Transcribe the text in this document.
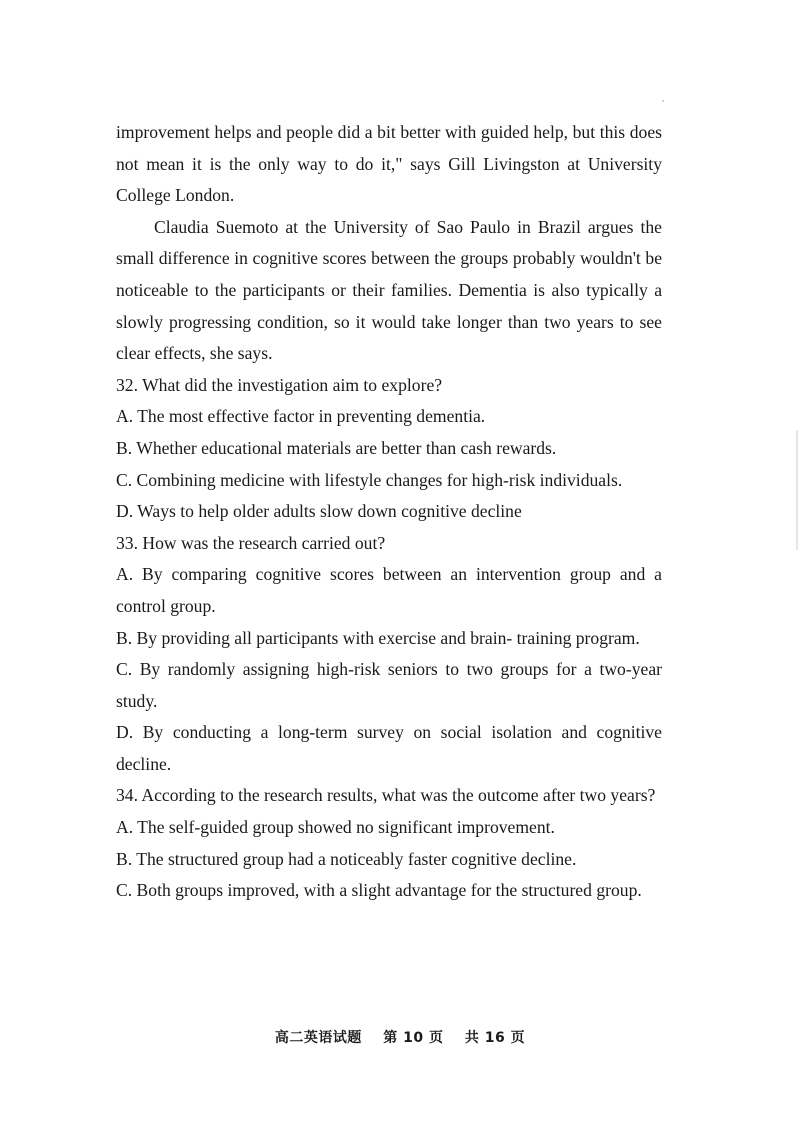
improvement helps and people did a bit better with guided help, but this does not mean it is the only way to do it," says Gill Livingston at University College London.

Claudia Suemoto at the University of Sao Paulo in Brazil argues the small difference in cognitive scores between the groups probably wouldn't be noticeable to the participants or their families. Dementia is also typically a slowly progressing condition, so it would take longer than two years to see clear effects, she says.

32. What did the investigation aim to explore?

A. The most effective factor in preventing dementia.

B. Whether educational materials are better than cash rewards.

C. Combining medicine with lifestyle changes for high-risk individuals.

D. Ways to help older adults slow down cognitive decline

33. How was the research carried out?

A. By comparing cognitive scores between an intervention group and a control group.

B. By providing all participants with exercise and brain- training program.

C. By randomly assigning high-risk seniors to two groups for a two-year study.

D. By conducting a long-term survey on social isolation and cognitive decline.

34. According to the research results, what was the outcome after two years?

A. The self-guided group showed no significant improvement.

B. The structured group had a noticeably faster cognitive decline.

C. Both groups improved, with a slight advantage for the structured group.

高二英语试题 第 10 页 共 16 页
